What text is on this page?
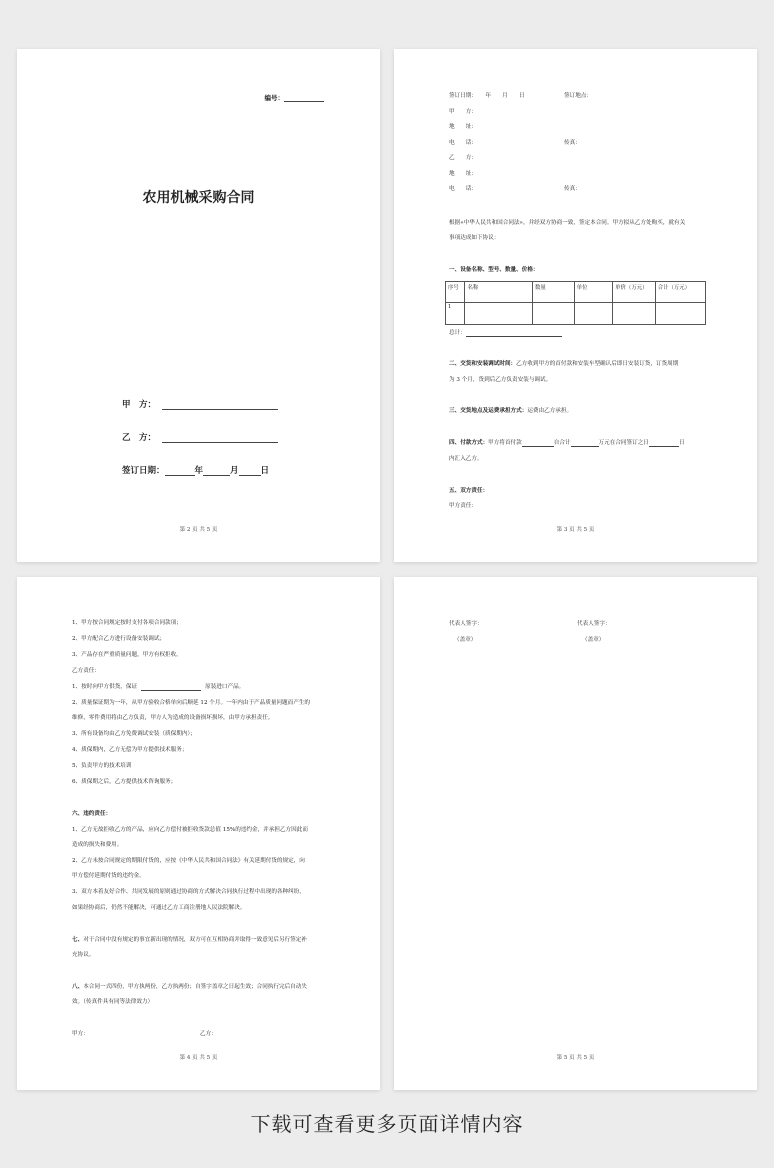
编号：
农用机械采购合同
甲　方：
乙　方：
签订日期：	年	月	日
第 2 页 共 5 页
签订日期：　　年　　月　　日	签订地点：
甲　　方：
地　　址：
电　　话：	传真：
乙　　方：
地　　址：
电　　话：	传真：
根据«中华人民共和国合同法»，并经双方协商一致，签定本合同。甲方拟从乙方处购买，就有关
事项达成如下协议：
一、设备名称、型号、数量、价格：
序号	名称	数量	单位	单价（万元）	合计（万元）
1					
总计：
二、交货和安装调试时间：乙方收到甲方的首付款和安装车型确认后即日安装订货，订货周期
为 3 个月，货到后乙方负责安装与调试。
三、交货地点及运费承担方式：运费由乙方承担。
四、付款方式：甲方将首付款	自合计	万元在合同签订之日	日
内汇入乙方。
五、双方责任：
甲方责任：
第 3 页 共 5 页
1、甲方按合同规定按时支付各项合同款项；
2、甲方配合乙方进行设备安装调试；
3、产品存在严重质量问题，甲方有权拒收。
乙方责任：
1、按时向甲方供货，保证	原装进口产品。
2、质量保证期为一年，从甲方验收合格单向后顺延 12 个月。一年内由于产品质量问题而产生的
维修，零件费用将由乙方负责，甲方人为造成的设备损坏损坏，由甲方承担责任。
3、所有设备均由乙方免费调试安装（质保期内）；
4、质保期内，乙方无偿为甲方提供技术服务；
5、负责甲方的技术培训
6、质保期之后，乙方提供技术咨询服务；
六、违约责任：
1、乙方无故拒收乙方的产品，应向乙方偿付被拒收货款总值 15%的违约金，并承担乙方因此而
造成的损失和费用。
2、乙方未按合同规定的期限付货的，应按《中华人民共和国合同法》有关延期付货的规定，向
甲方偿付延期付货的违约金。
3、双方本着友好合作、共同发展的原则通过协商的方式解决合同执行过程中出现的各种纠纷，
如果经协商后，仍然不能解决，可通过乙方工商注册地人民法院解决。
七、对于合同中没有规定的事宜新出现的情况，双方可在互相协商并取得一致意见后另行签定补
充协议。
八、本合同一式四份，甲方执两份，乙方执两份；自签字盖章之日起生效；合同执行完后自动失
效。（传真件具有同等法律效力）
甲方：	乙方：
第 4 页 共 5 页
代表人签字：	代表人签字：
（盖章）	（盖章）
第 5 页 共 5 页
下载可查看更多页面详情内容
